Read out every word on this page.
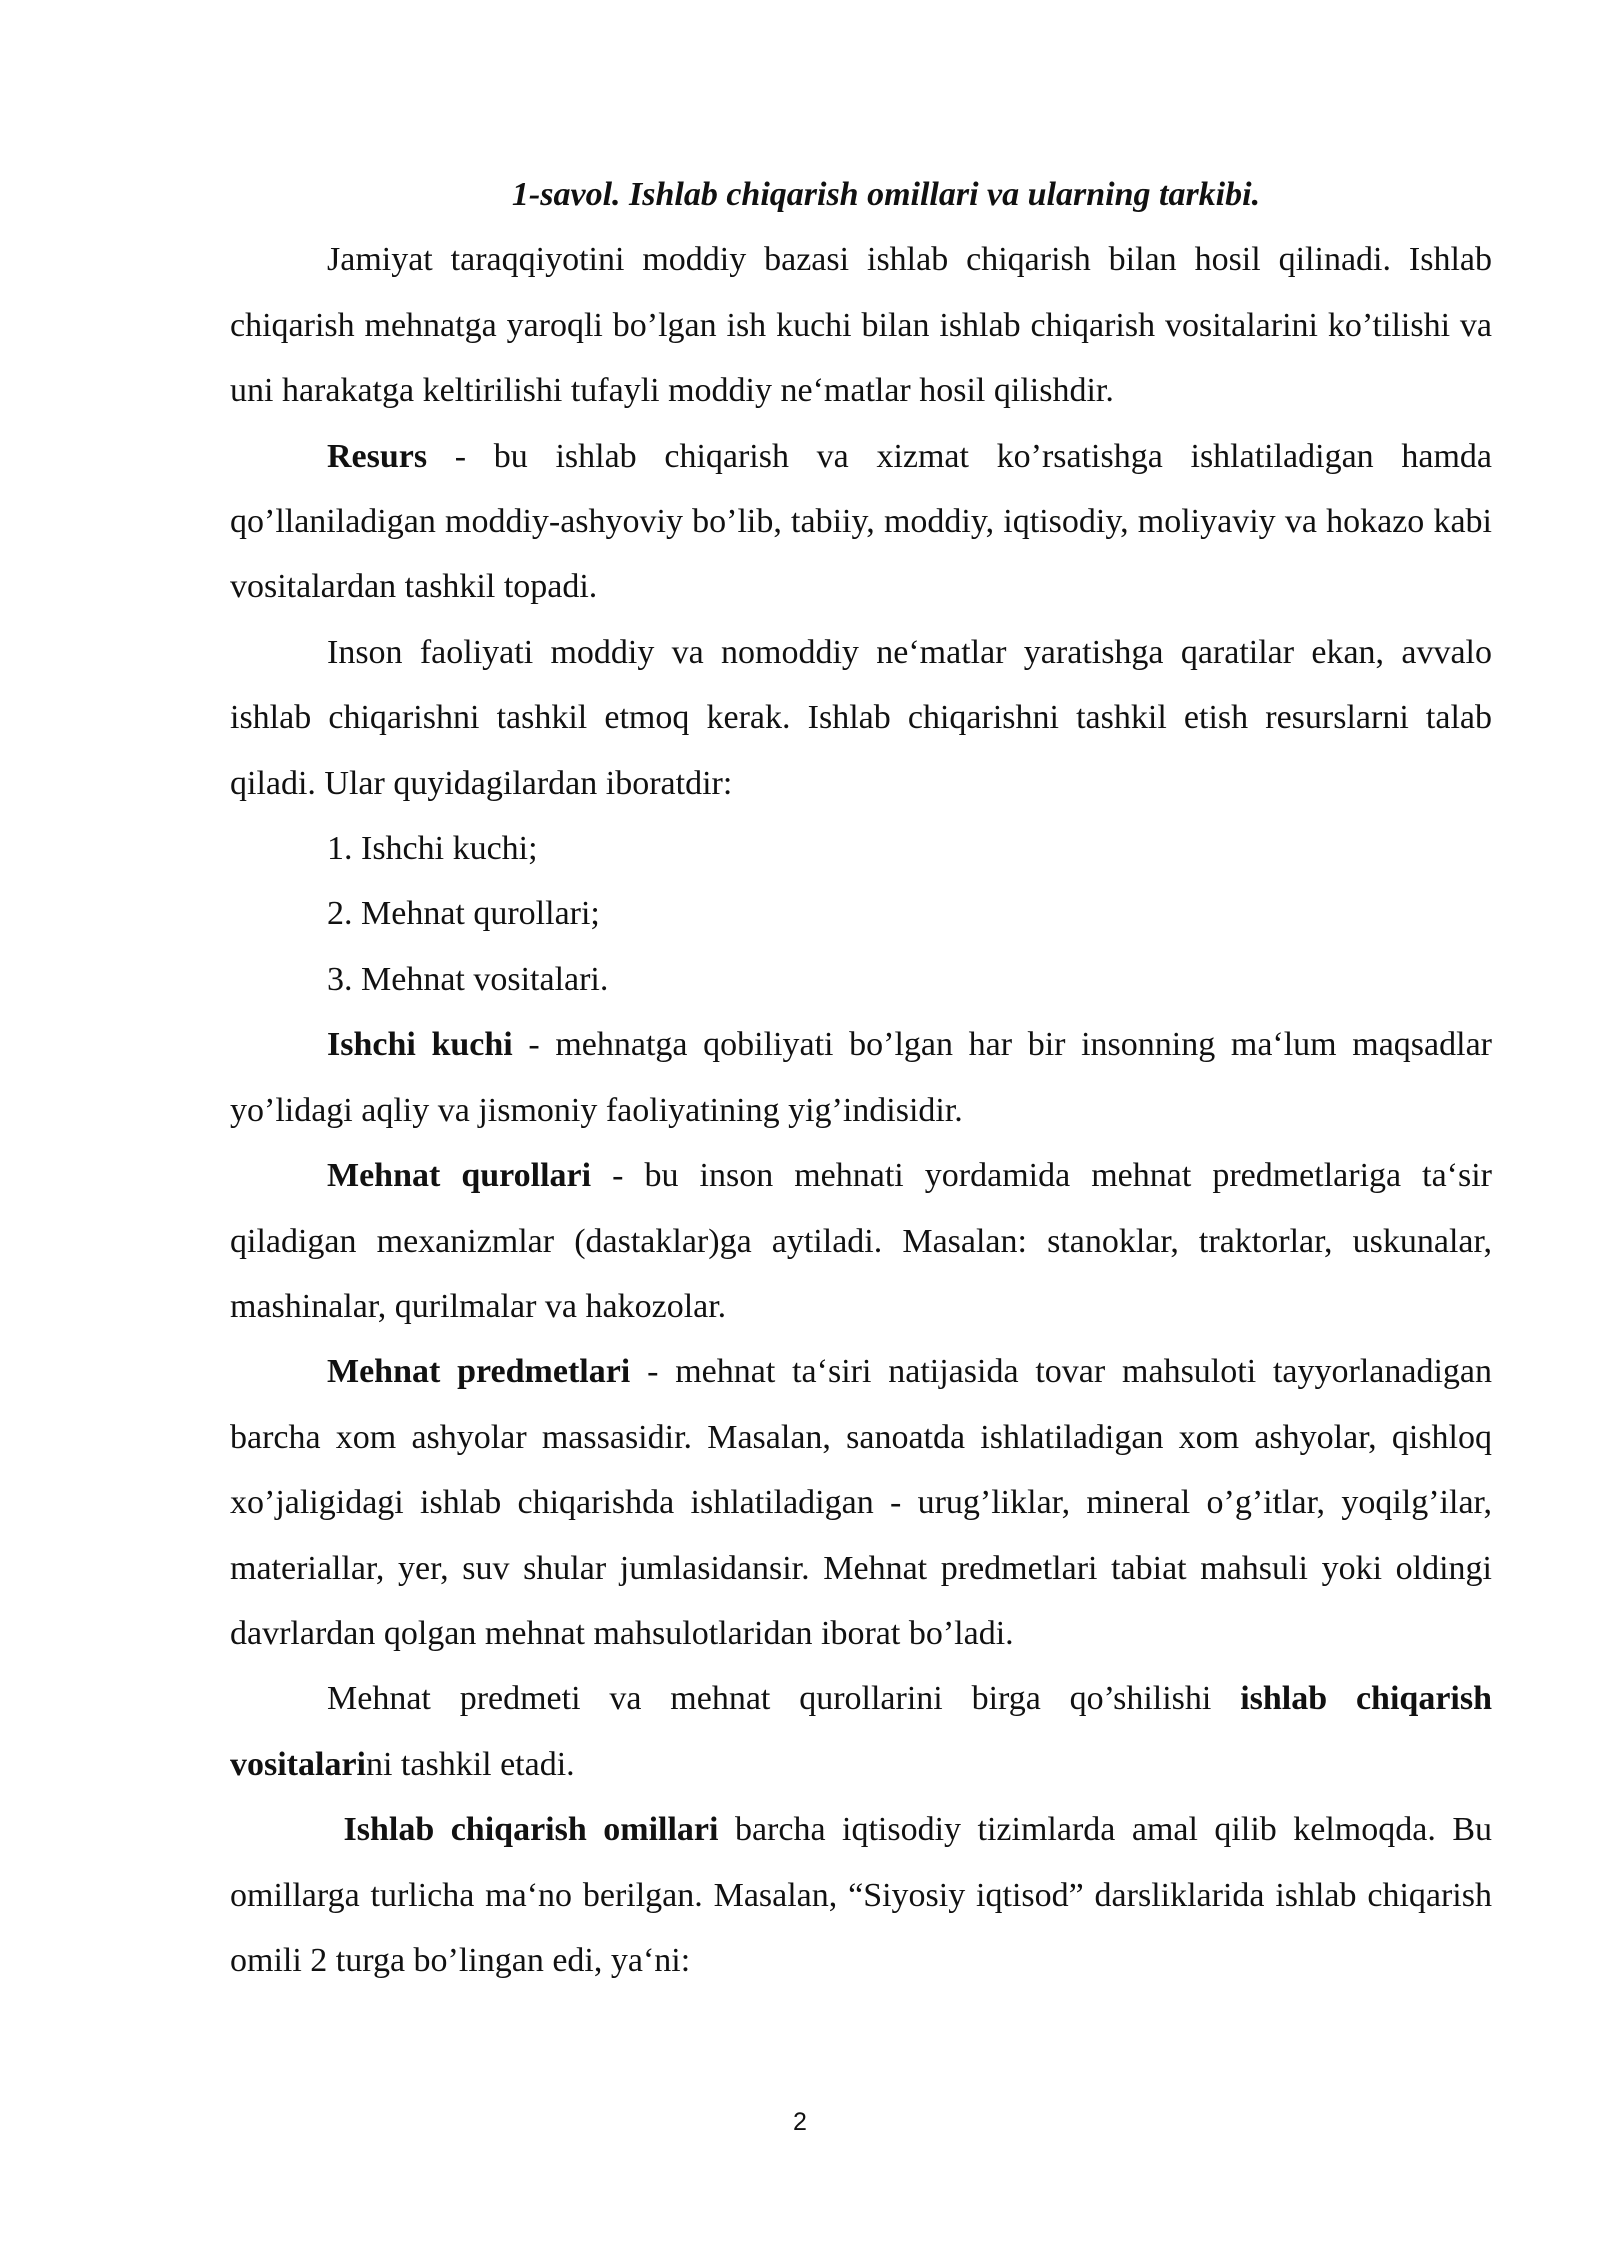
1-savol. Ishlab chiqarish omillari va ularning tarkibi.

Jamiyat taraqqiyotini moddiy bazasi ishlab chiqarish bilan hosil qilinadi. Ishlab chiqarish mehnatga yaroqli bo’lgan ish kuchi bilan ishlab chiqarish vositalarini ko’tilishi va uni harakatga keltirilishi tufayli moddiy ne‘matlar hosil qilishdir.

Resurs - bu ishlab chiqarish va xizmat ko’rsatishga ishlatiladigan hamda qo’llaniladigan moddiy-ashyoviy bo’lib, tabiiy, moddiy, iqtisodiy, moliyaviy va hokazo kabi vositalardan tashkil topadi.

Inson faoliyati moddiy va nomoddiy ne‘matlar yaratishga qaratilar ekan, avvalo ishlab chiqarishni tashkil etmoq kerak. Ishlab chiqarishni tashkil etish resurslarni talab qiladi. Ular quyidagilardan iboratdir:

1. Ishchi kuchi;

2. Mehnat qurollari;

3. Mehnat vositalari.

Ishchi kuchi - mehnatga qobiliyati bo’lgan har bir insonning ma‘lum maqsadlar yo’lidagi aqliy va jismoniy faoliyatining yig’indisidir.

Mehnat qurollari - bu inson mehnati yordamida mehnat predmetlariga ta‘sir qiladigan mexanizmlar (dastaklar)ga aytiladi. Masalan: stanoklar, traktorlar, uskunalar, mashinalar, qurilmalar va hakozolar.

Mehnat predmetlari - mehnat ta‘siri natijasida tovar mahsuloti tayyorlanadigan barcha xom ashyolar massasidir. Masalan, sanoatda ishlatiladigan xom ashyolar, qishloq xo’jaligidagi ishlab chiqarishda ishlatiladigan - urug’liklar, mineral o’g’itlar, yoqilg’ilar, materiallar, yer, suv shular jumlasidansir. Mehnat predmetlari tabiat mahsuli yoki oldingi davrlardan qolgan mehnat mahsulotlaridan iborat bo’ladi.

Mehnat predmeti va mehnat qurollarini birga qo’shilishi ishlab chiqarish vositalarini tashkil etadi.

Ishlab chiqarish omillari barcha iqtisodiy tizimlarda amal qilib kelmoqda. Bu omillarga turlicha ma‘no berilgan. Masalan, “Siyosiy iqtisod” darsliklarida ishlab chiqarish omili 2 turga bo’lingan edi, ya‘ni:

2
